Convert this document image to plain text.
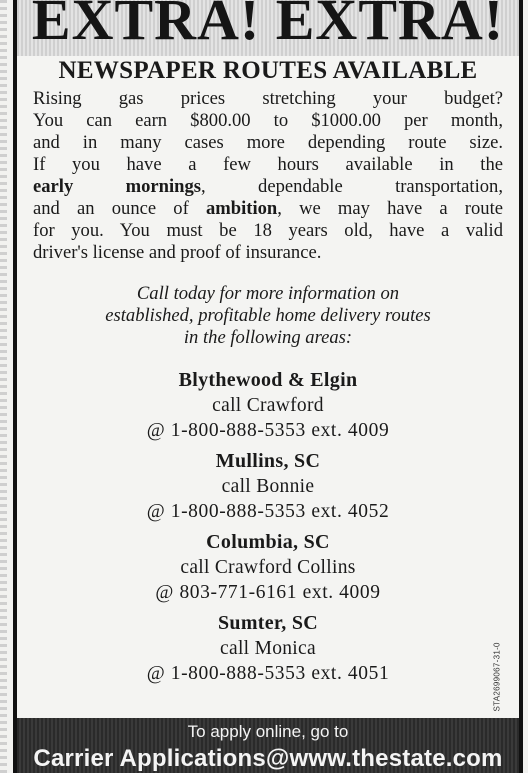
EXTRA! EXTRA!
NEWSPAPER ROUTES AVAILABLE

Rising gas prices stretching your budget?

You can earn $800.00 to $1000.00 per month,

and in many cases more depending route size.

If you have a few hours available in the

early mornings, dependable transportation,

and an ounce of ambition, we may have a route

for you. You must be 18 years old, have a valid

driver's license and proof of insurance.

Call today for more information on
established, profitable home delivery routes
in the following areas:
Blythewood & Elgin
call Crawford
@ 1-800-888-5353 ext. 4009
Mullins, SC
call Bonnie
@ 1-800-888-5353 ext. 4052
Columbia, SC
call Crawford Collins
@ 803-771-6161 ext. 4009
Sumter, SC
call Monica
@ 1-800-888-5353 ext. 4051	STA2699067-31-0
To apply online, go to
Carrier Applications@www.thestate.com
